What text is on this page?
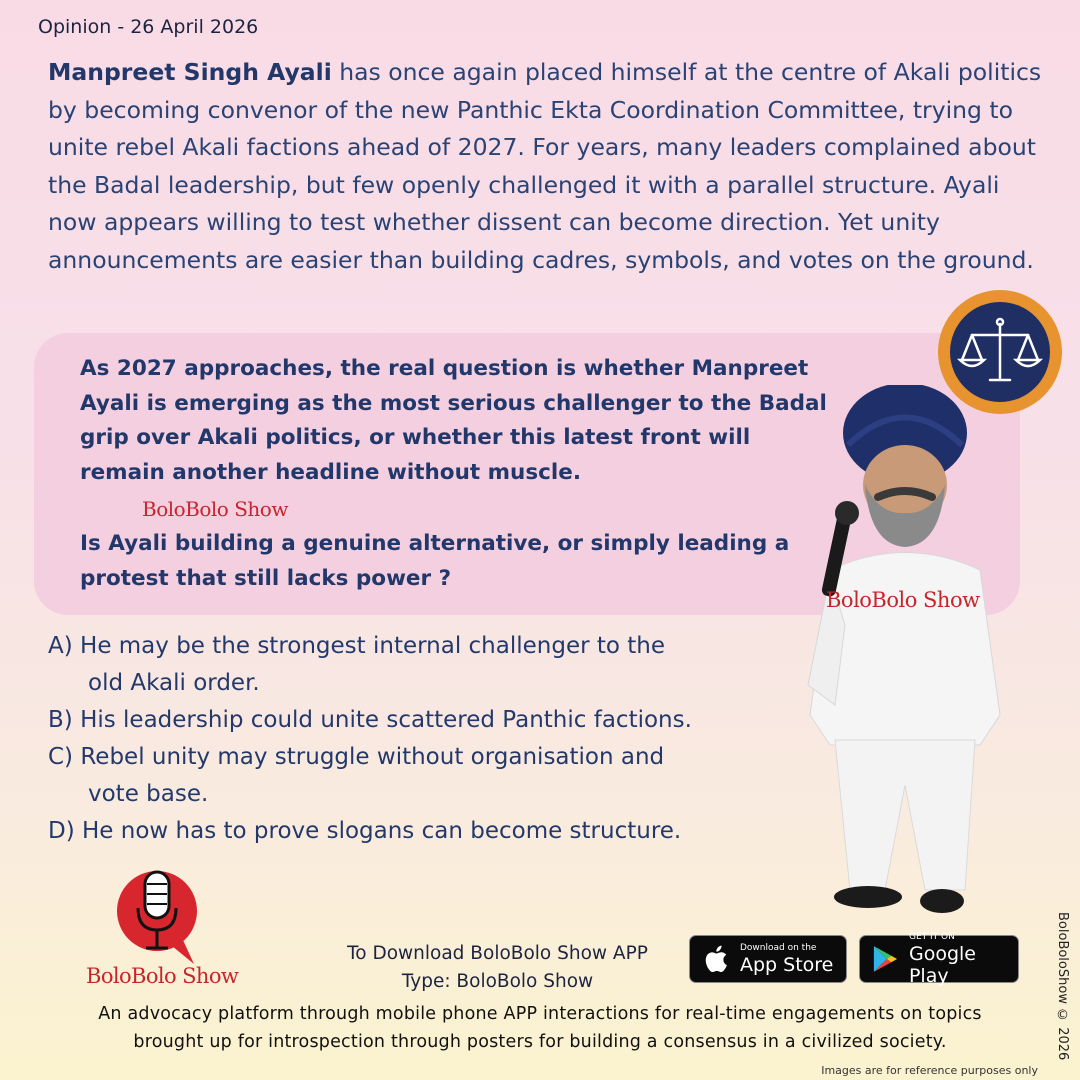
Opinion - 26 April 2026
Manpreet Singh Ayali has once again placed himself at the centre of Akali politics by becoming convenor of the new Panthic Ekta Coordination Committee, trying to unite rebel Akali factions ahead of 2027. For years, many leaders complained about the Badal leadership, but few openly challenged it with a parallel structure. Ayali now appears willing to test whether dissent can become direction. Yet unity announcements are easier than building cadres, symbols, and votes on the ground.
As 2027 approaches, the real question is whether Manpreet Ayali is emerging as the most serious challenger to the Badal grip over Akali politics, or whether this latest front will remain another headline without muscle.
BoloBolo Show
Is Ayali building a genuine alternative, or simply leading a protest that still lacks power ?
A) He may be the strongest internal challenger to the
old Akali order.
B) His leadership could unite scattered Panthic factions.
C) Rebel unity may struggle without organisation and
vote base.
D) He now has to prove slogans can become structure.
BoloBolo Show
BoloBolo Show
To Download BoloBolo Show APP
Type: BoloBolo Show
Download on the
App Store
GET IT ON
Google Play
An advocacy platform through mobile phone APP interactions for real-time engagements on topics
brought up for introspection through posters for building a consensus in a civilized society.	BoloBoloShow © 2026
Images are for reference purposes only
